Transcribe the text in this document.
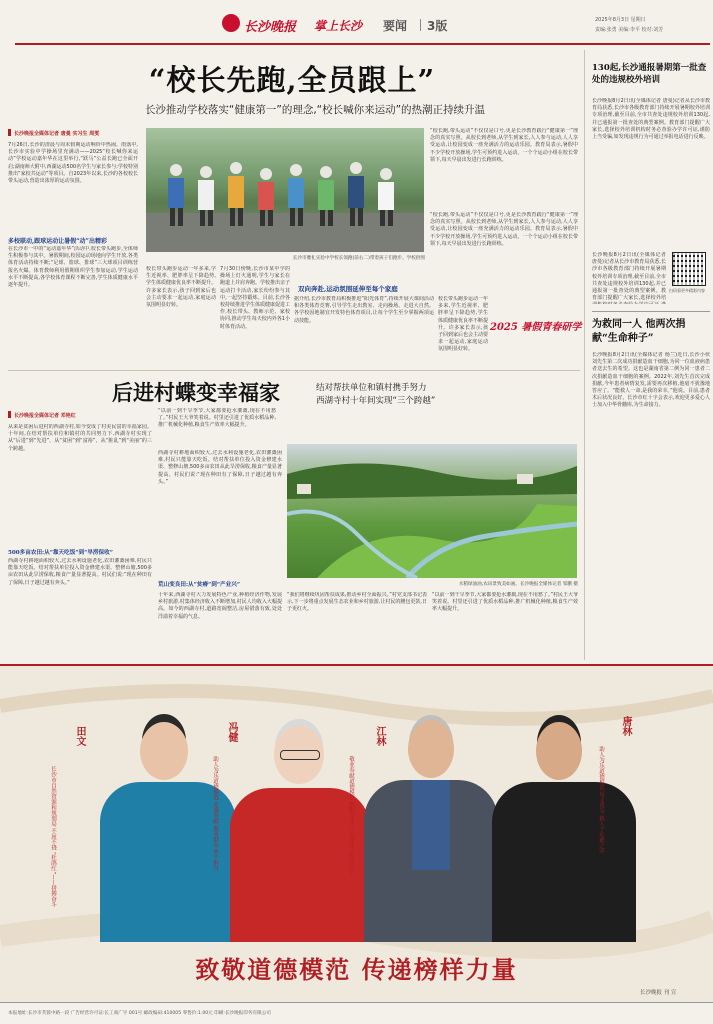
长沙晚报 掌上长沙 要闻 3版	2025年8月3日 星期日
责编:张勇 美编:李平 校对:刘芳
“校长先跑,全员跟上”
长沙推动学校落实“健康第一”的理念,“校长喊你来运动”的热潮正持续升温
长沙晚报全媒体记者 唐曼 实习生 周雯
7月26日,长沙的清晨与周末假期运动响铃中热闹。雨落中,长沙市实验中学操场里充满动——2025“校长喊你来运动”学校运动嘉年华在这里举行,“跃马”公益长跑已全面开启;湖南师大附中,西湖运动500名学生与家长参与;学校特别推出“家校共运动”等项目。自2023年以来,长沙的各校校长带头运动,营造出浓厚的运动氛围。
多校联动,跟球运动让暑假“动”出精彩
在长沙市一中的“运动嘉年华”活动中,校长带头跑步,全体师生积极参与其中。暑假期间,校园运动场地向学生开放,各类体育活动持续不断;“足球、篮球、排球”三大球项目训练营报名火爆。体育教师利用假期组织学生参加运动,学生运动水平不断提高,各学校体育课程不断完善,学生体质健康水平逐年提升。
长沙市雅礼实验中学校长领跑(前右二)带着孩子们跑步。学校供图
“校长跑,带头运动”不仅仅是口号,更是长沙教育践行“健康第一”理念的真实写照。从校长到老师,从学生到家长,人人参与运动,人人享受运动,让校园变成一座充满活力的运动乐园。教育局表示,暑假中不少学校开放操场,学生可预约进入运动。一个个运动小组在校长带领下,每天早晨出发进行长跑训练。
校长带头跑步运动一年多来,学生近视率、肥胖率呈下降趋势,学生体质健康优良率不断提升。许多家长表示,孩子回到家后也会主动要求一起运动,家庭运动氛围明显好转。
7月30日傍晚,长沙市某中学的操场上灯火通明,学生与家长在跑道上并肩奔跑。学校推出亲子运动打卡活动,家长纷纷参与其中,一起坚持锻炼。目前,长沙各校持续推进学生体质健康促进工作,校长带头、教师示范、家校协同,推动学生每天校内外各1小时体育活动。
双向奔赴,运动氛围延伸至每个家庭
据介绍,长沙市教育局积极推进“阳光体育”,持续开展大课间活动和各类体育竞赛,引导学生走出教室、走向操场、走进大自然。各学校因地制宜开发特色体育项目,让每个学生至少掌握两项运动技能。
“校长跑,带头运动”不仅仅是口号,更是长沙教育践行“健康第一”理念的真实写照。从校长到老师,从学生到家长,人人参与运动,人人享受运动,让校园变成一座充满活力的运动乐园。教育局表示,暑假中不少学校开放操场,学生可预约进入运动。一个个运动小组在校长带领下,每天早晨出发进行长跑训练。
校长带头跑步运动一年多来,学生近视率、肥胖率呈下降趋势,学生体质健康优良率不断提升。许多家长表示,孩子回到家后也会主动要求一起运动,家庭运动氛围明显好转。
2025 暑假青春研学
130起,长沙通报暑期第一批查处的违规校外培训
长沙晚报8月2日讯(全媒体记者 唐曼)记者从长沙市教育局获悉,长沙市各级教育部门持续开展暑期校外培训专项治理,截至目前,全市共查处违规校外培训130起,并已通报第一批查处的典型案例。教育部门提醒广大家长,选择校外培训机构时务必查验办学许可证,谨防上当受骗,如发现违规行为可通过举报电话进行反映。
扫码看更多精彩内容
长沙晚报8月2日讯(全媒体记者 唐曼)记者从长沙市教育局获悉,长沙市各级教育部门持续开展暑期校外培训专项治理,截至目前,全市共查处违规校外培训130起,并已通报第一批查处的典型案例。教育部门提醒广大家长,选择校外培
为救同一人 他两次捐献“生命种子”
长沙晚报8月2日讯(全媒体记者 杨兰)近日,长沙小伙刘先生第二次成功捐献造血干细胞,为同一位血液病患者送去生的希望。这也是湖南省第二例为同一患者二次捐献造血干细胞的案例。2022年,刘先生首次完成捐献,今年患者病情复发,需要再次移植,他毫不犹豫地答应了。“能救人一命,是我的荣幸。”他说。目前,患者术后状况良好。长沙市红十字会表示,欢迎更多爱心人士加入中华骨髓库,为生命接力。
后进村蝶变幸福家	结对帮扶单位和镇村携手努力
西湖寺村十年间实现“三个跨越”
长沙晚报全媒体记者 邓艳红
从来是贫困后进村的西湖寺村,如今变成了村美民富的幸福家园。十年间,在结对帮扶单位和镇村的共同努力下,西湖寺村实现了从“后进”到“先进”、从“贫困”到“富裕”、从“脏乱”到“美丽”的三个跨越。
500多亩农田:从“靠天吃饭”到“旱涝保收”
西湖寺村耕地面积较大,过去水利设施老化,农田灌溉困难,村民只能靠天吃饭。结对帮扶单位投入资金修建水渠、整修山塘,500多亩农田从此旱涝保收,粮食产量显著提高。村民们说:“现在种田有了保障,日子越过越有奔头。”
“以前一到干旱季节,大家都要抢水灌溉,现在不用愁了。”村民王大爷笑着说。村里还引进了优质水稻品种,推广机械化种植,粮食生产效率大幅提升。
水稻绿油油,农田景致美如画。长沙晚报全媒体记者 邹鹏 摄
西湖寺村耕地面积较大,过去水利设施老化,农田灌溉困难,村民只能靠天吃饭。结对帮扶单位投入资金修建水渠、整修山塘,500多亩农田从此旱涝保收,粮食产量显著提高。村民们说:“现在种田有了保障,日子越过越有奔头。”
荒山变良田:从“贫瘠”到“产业兴”
十年来,西湖寺村大力发展特色产业,种植经济作物,发展乡村旅游,村集体经济收入不断增加,村民人均收入大幅提高。如今的西湖寺村,道路宽阔整洁,房屋错落有致,处处洋溢着幸福的气息。
“我们将继续巩固帮扶成果,推动乡村全面振兴。”村党支部书记表示,下一步将重点发展生态农业和乡村旅游,让村民的腰包更鼓,日子更红火。
“以前一到干旱季节,大家都要抢水灌溉,现在不用愁了。”村民王大爷笑着说。村里还引进了优质水稻品种,推广机械化种植,粮食生产效率大幅提升。
田文
长沙市自然资源和规划局 不屈不挠 “杜鹃红”——拼搏奋斗
冯健
助人为乐道德模范 忠诚奉献 服务群众 勇于担当
江林
敬业奉献道德模范 默默坚守 一心扑在工作岗位上
唐林
助人为乐道德模范 见义勇为 救人于危难之中
致敬道德模范 传递榜样力量
长沙晚报 刊 宣
本报地址:长沙市芙蓉中路一段 广告经营许可证:长工商广字 001号 邮政编码:410005 零售价:1.00元 印刷:长沙晚报印务有限公司
